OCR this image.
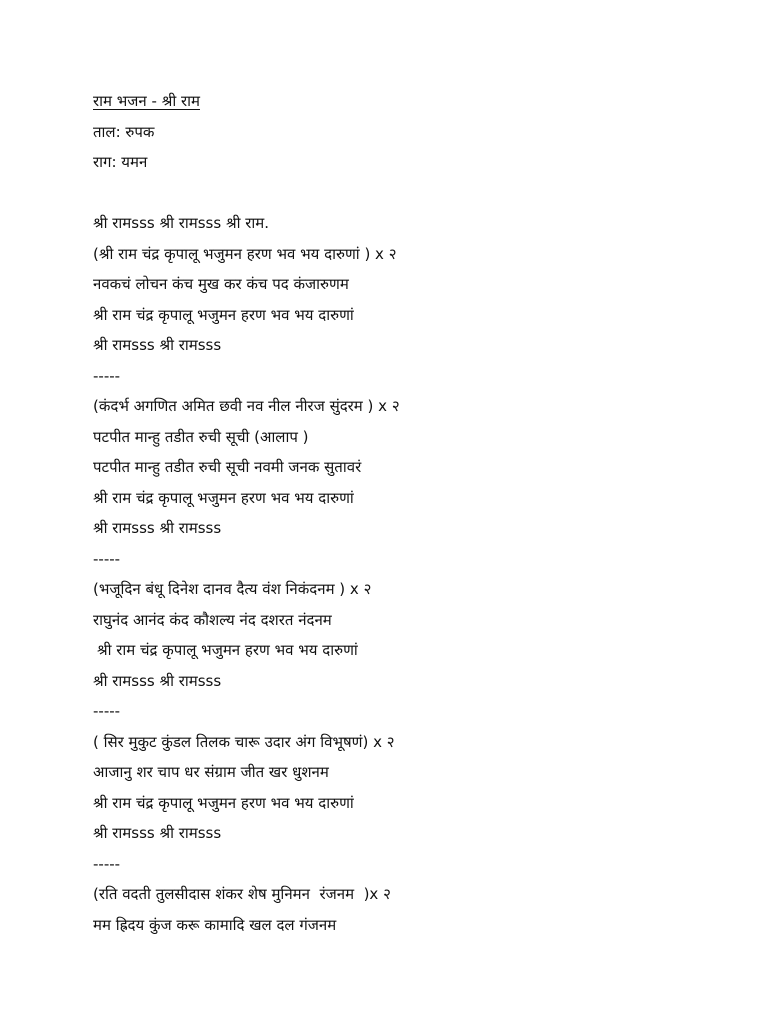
राम भजन - श्री राम
ताल: रुपक
राग: यमन
श्री रामsss श्री रामsss श्री राम.
(श्री राम चंद्र कृपालू भजुमन हरण भव भय दारुणां ) x २
नवकचं लोचन कंच मुख कर कंच पद कंजारुणम
श्री राम चंद्र कृपालू भजुमन हरण भव भय दारुणां
श्री रामsss श्री रामsss
-----
(कंदर्भ अगणित अमित छवी नव नील नीरज सुंदरम ) x २
पटपीत मान्हु तडीत रुची सूची (आलाप )
पटपीत मान्हु तडीत रुची सूची नवमी जनक सुतावरं
श्री राम चंद्र कृपालू भजुमन हरण भव भय दारुणां
श्री रामsss श्री रामsss
-----
(भजूदिन बंधू दिनेश दानव दैत्य वंश निकंदनम ) x २
राघुनंद आनंद कंद कौशल्य नंद दशरत नंदनम
श्री राम चंद्र कृपालू भजुमन हरण भव भय दारुणां
श्री रामsss श्री रामsss
-----
( सिर मुकुट कुंडल तिलक चारू उदार अंग विभूषणं) x २
आजानु शर चाप धर संग्राम जीत खर धुशनम
श्री राम चंद्र कृपालू भजुमन हरण भव भय दारुणां
श्री रामsss श्री रामsss
-----
(रति वदती तुलसीदास शंकर शेष मुनिमन  रंजनम  )x २
मम ह्रिदय कुंज करू कामादि खल दल गंजनम
